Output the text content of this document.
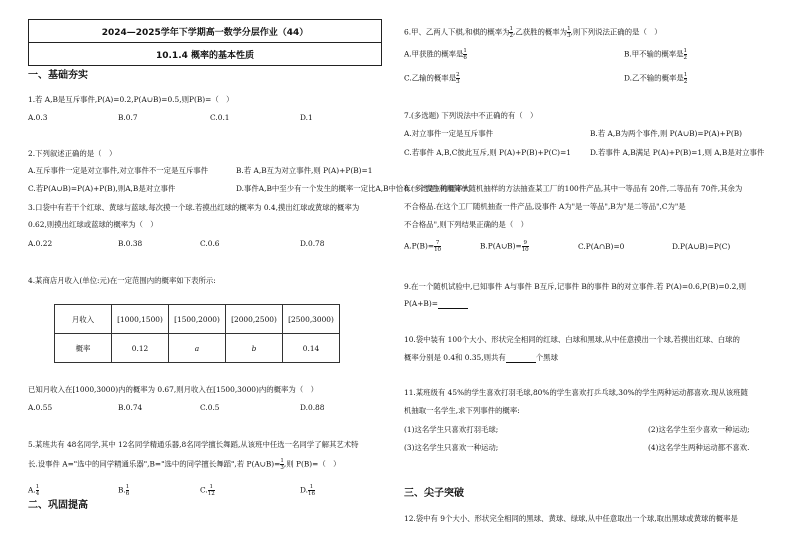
2024—2025学年下学期高一数学分层作业（44）
10.1.4 概率的基本性质
一、基础夯实
1.若 A,B是互斥事件,P(A)=0.2,P(A∪B)=0.5,则P(B)=（　）
A.0.3	B.0.7	C.0.1	D.1
2.下列叙述正确的是（　）
A.互斥事件一定是对立事件,对立事件不一定是互斥事件	B.若 A,B互为对立事件,则 P(A)+P(B)=1
C.若P(A∪B)=P(A)+P(B),则A,B是对立事件	D.事件A,B中至少有一个发生的概率一定比A,B中恰有一个发生的概率大
3.口袋中有若干个红球、黄球与蓝球,每次摸一个球.若摸出红球的概率为 0.4,摸出红球或黄球的概率为
0.62,则摸出红球或蓝球的概率为（　）
A.0.22	B.0.38	C.0.6	D.0.78
4.某商店月收入(单位:元)在一定范围内的概率如下表所示:
月收入	[1000,1500)	[1500,2000)	[2000,2500)	[2500,3000)
概率	0.12	a	b	0.14
已知月收入在[1000,3000)内的概率为 0.67,则月收入在[1500,3000)内的概率为（　）
A.0.55	B.0.74	C.0.5	D.0.88
5.某班共有 48名同学,其中 12名同学精通乐器,8名同学擅长舞蹈,从该班中任选一名同学了解其艺术特
长.设事件 A="选中的同学精通乐器",B="选中的同学擅长舞蹈",若 P(A∪B)= $\frac{1}{3}$ ,则 P(B)=（　）
A. $\frac{1}{4}$	B. $\frac{1}{6}$	C. $\frac{1}{12}$	D. $\frac{1}{16}$
二、巩固提高
6.甲、乙两人下棋,和棋的概率为 $\frac{1}{2}$ ,乙获胜的概率为 $\frac{1}{3}$ ,则下列说法正确的是（　）
A.甲获胜的概率是 $\frac{1}{6}$	B.甲不输的概率是 $\frac{1}{2}$
C.乙输的概率是 $\frac{2}{3}$	D.乙不输的概率是 $\frac{1}{2}$
7.(多选题) 下列说法中不正确的有（　）
A.对立事件一定是互斥事件	B.若 A,B为两个事件,则 P(A∪B)=P(A)+P(B)
C.若事件 A,B,C彼此互斥,则 P(A)+P(B)+P(C)=1	D.若事件 A,B满足 P(A)+P(B)=1,则 A,B是对立事件
8.(多选题)利用简单随机抽样的方法抽查某工厂的100件产品,其中一等品有 20件,二等品有 70件,其余为
不合格品.在这个工厂随机抽查一件产品,设事件 A为"是一等品",B为"是二等品",C为"是
不合格品",则下列结果正确的是（　）
$A.P(B)= \frac{7}{10}$	B.P(A∪B)= $\frac{9}{10}$	C.P(A∩B)=0	D.P(A∪B)=P(C)
9.在一个随机试验中,已知事件 A与事件 B互斥,记事件 B的事件 B的对立事件.若 P(A)=0.6,P(B)=0.2,则
P(A+B)=
10.袋中装有 100个大小、形状完全相同的红球、白球和黑球,从中任意摸出一个球,若摸出红球、白球的
概率分别是 0.4和 0.35,则共有	个黑球
11.某班级有 45%的学生喜欢打羽毛球,80%的学生喜欢打乒乓球,30%的学生两种运动都喜欢.现从该班随
机抽取一名学生,求下列事件的概率:
(1)这名学生只喜欢打羽毛球;	(2)这名学生至少喜欢一种运动;
(3)这名学生只喜欢一种运动;	(4)这名学生两种运动都不喜欢.
三、尖子突破
12.袋中有 9个大小、形状完全相同的黑球、黄球、绿球,从中任意取出一个球,取出黑球或黄球的概率是
